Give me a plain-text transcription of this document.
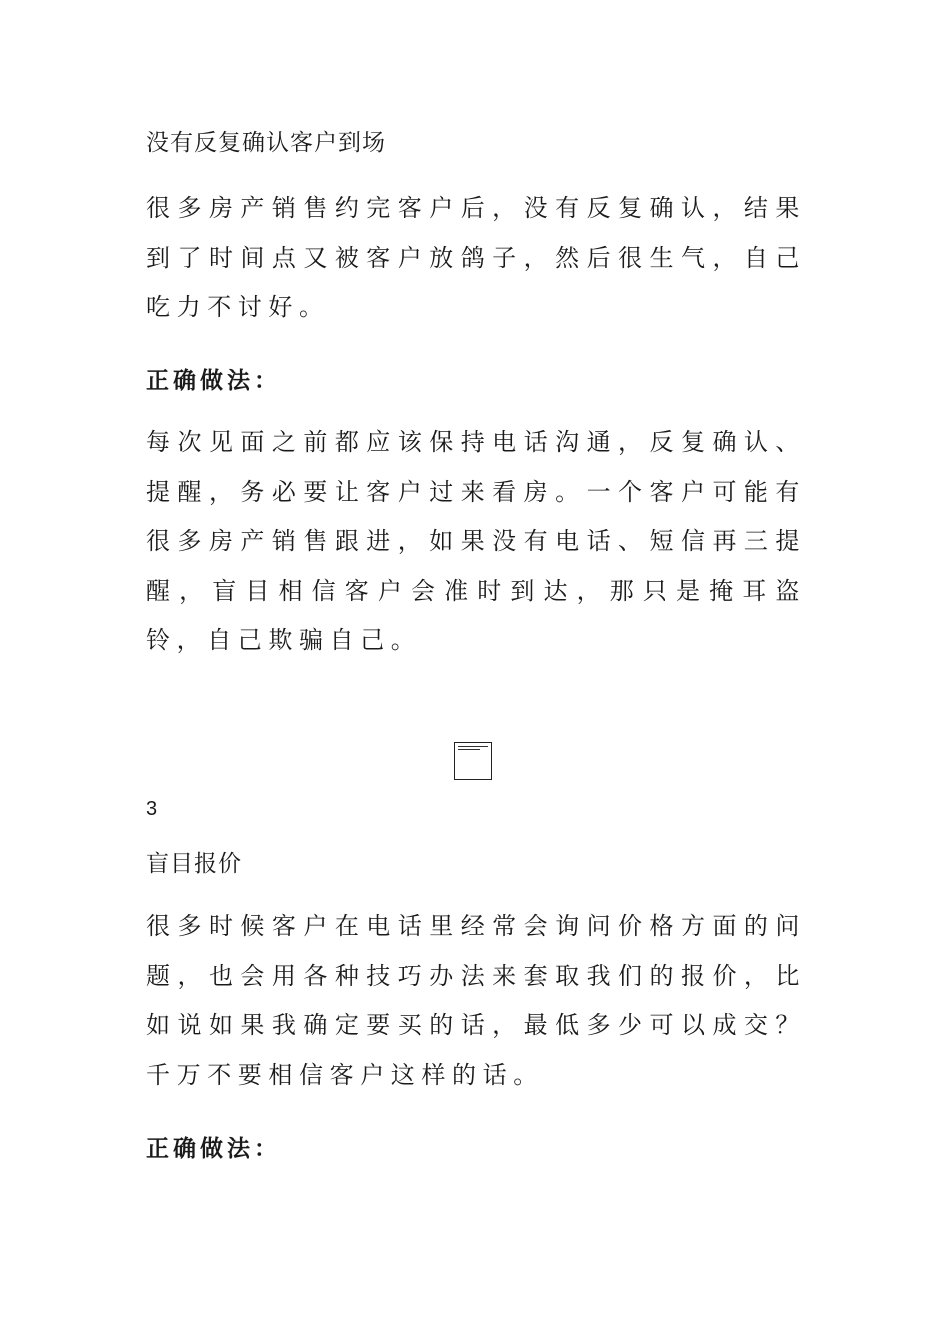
没有反复确认客户到场
很多房产销售约完客户后，没有反复确认，结果到了时间点又被客户放鸽子，然后很生气，自己吃力不讨好。
正确做法：
每次见面之前都应该保持电话沟通，反复确认、提醒，务必要让客户过来看房。一个客户可能有很多房产销售跟进，如果没有电话、短信再三提醒，盲目相信客户会准时到达，那只是掩耳盗铃，自己欺骗自己。
3
盲目报价
很多时候客户在电话里经常会询问价格方面的问题，也会用各种技巧办法来套取我们的报价，比如说如果我确定要买的话，最低多少可以成交？千万不要相信客户这样的话。
正确做法：
